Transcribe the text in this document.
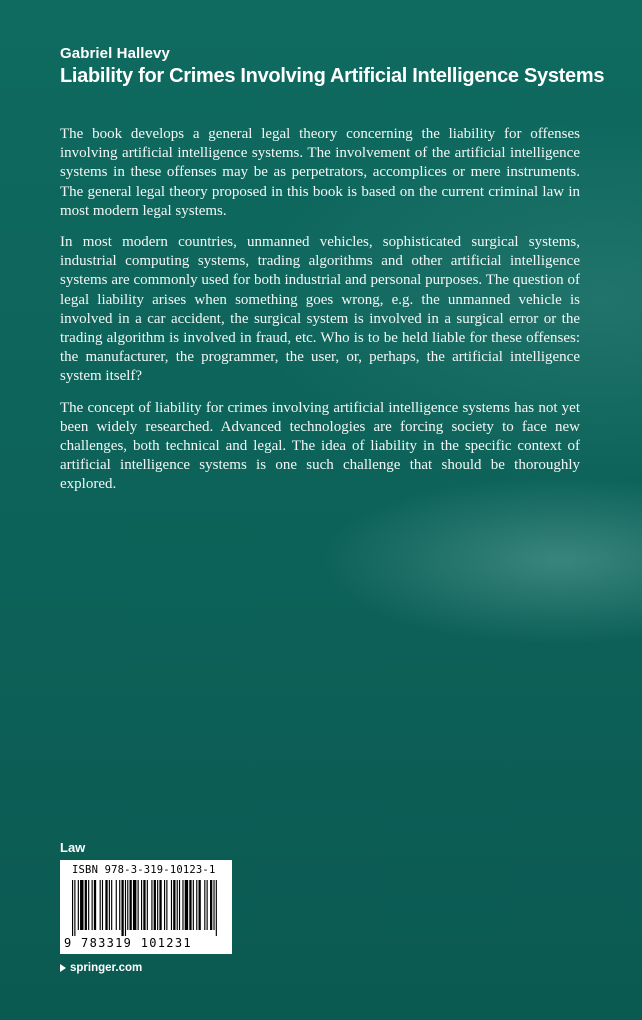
Gabriel Hallevy
Liability for Crimes Involving Artificial Intelligence Systems

The book develops a general legal theory concerning the liability for offenses involving artificial intelligence systems. The involvement of the artificial intelligence systems in these offenses may be as perpetrators, accomplices or mere instruments. The general legal theory proposed in this book is based on the current criminal law in most modern legal systems.

In most modern countries, unmanned vehicles, sophisticated surgical systems, industrial computing systems, trading algorithms and other artificial intelligence systems are commonly used for both industrial and personal purposes. The question of legal liability arises when something goes wrong, e.g. the unmanned vehicle is involved in a car accident, the surgical system is involved in a surgical error or the trading algorithm is involved in fraud, etc. Who is to be held liable for these offenses: the manufacturer, the programmer, the user, or, perhaps, the artificial intelligence system itself?

The concept of liability for crimes involving artificial intelligence systems has not yet been widely researched. Advanced technologies are forcing society to face new challenges, both technical and legal. The idea of liability in the specific context of artificial intelligence systems is one such challenge that should be thoroughly explored.

Law
ISBN 978-3-319-10123-1
9 783319 101231
springer.com
